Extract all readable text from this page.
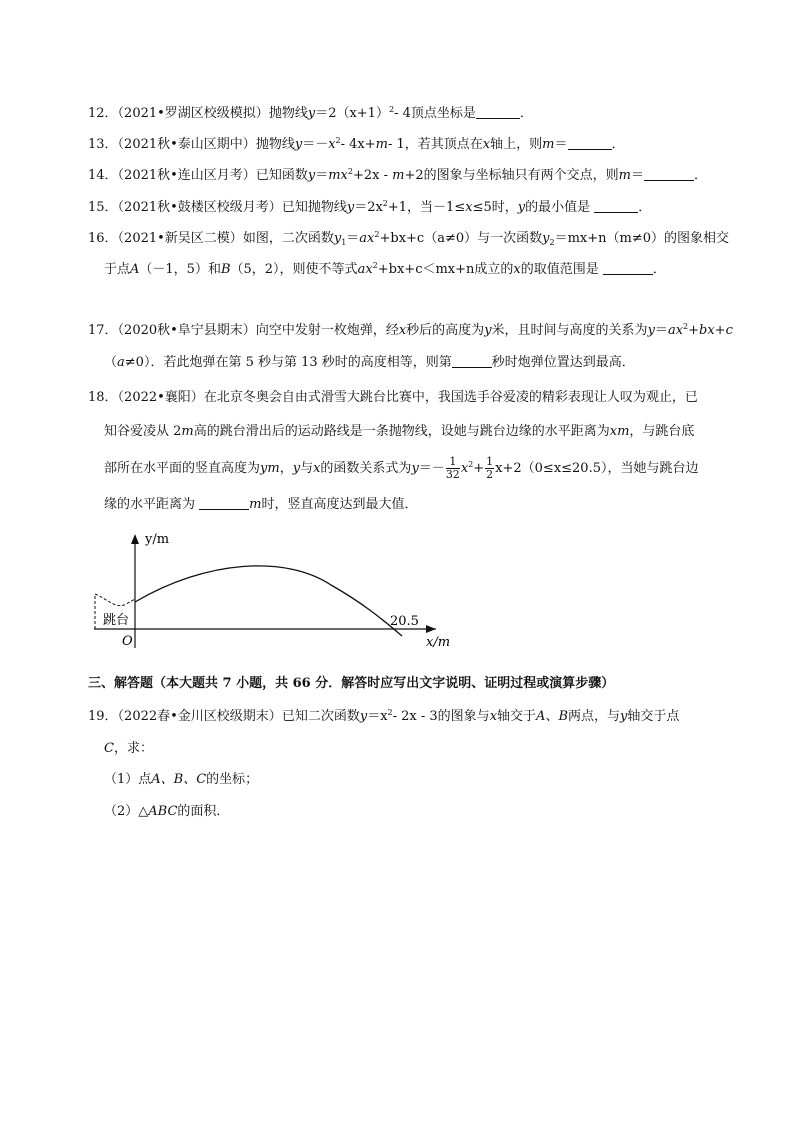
12．（2021•罗湖区校级模拟）抛物线$y=2(x+1)^2-$ 4顶点坐标是	．
13．（2021秋•泰山区期中）抛物线$y=-x^2-$ 4x+m- 1，若其顶点在x轴上，则m＝	．
14．（2021秋•连山区月考）已知函数$y=mx^2+2x - m+2$的图象与坐标轴只有两个交点，则m＝	．
15．（2021秋•鼓楼区校级月考）已知抛物线$y=2x^2+1$，当－1≤x≤5时，y的最小值是	．
16．（2021•新吴区二模）如图，二次函数$y_1=ax^2+bx+c(a\ne 0)$与一次函数$y_2=mx+n(m\ne 0)$的图象相交
于点A（－1，5）和B（5，2），则使不等式$ax^2+bx+c<mx+n$成立的x的取值范围是	．
17．（2020秋•阜宁县期末）向空中发射一枚炮弹，经x秒后的高度为y米，且时间与高度的关系为$y=ax^2+bx+c$
（a≠0）．若此炮弹在第 5 秒与第 13 秒时的高度相等，则第	秒时炮弹位置达到最高．
18．（2022•襄阳）在北京冬奥会自由式滑雪大跳台比赛中，我国选手谷爱凌的精彩表现让人叹为观止，已
知谷爱凌从 2m高的跳台滑出后的运动路线是一条抛物线，设她与跳台边缘的水平距离为xm，与跳台底
部所在水平面的竖直高度为ym，y与x的函数关系式为$y=- \frac{1}{32} x^2+ \frac{1}{2} x+2(0\le x\le 20.5)$，当她与跳台边
缘的水平距离为	m时，竖直高度达到最大值．
y/m
x/m
O
跳台	20.5
三、解答题（本大题共 7 小题，共 66 分．解答时应写出文字说明、证明过程或演算步骤）
19．（2022春•金川区校级期末）已知二次函数$y=x^2-$ 2x - 3的图象与x轴交于A、B两点，与y轴交于点
C，求：
（1）点A、B、C的坐标；
（2）△ABC的面积．
